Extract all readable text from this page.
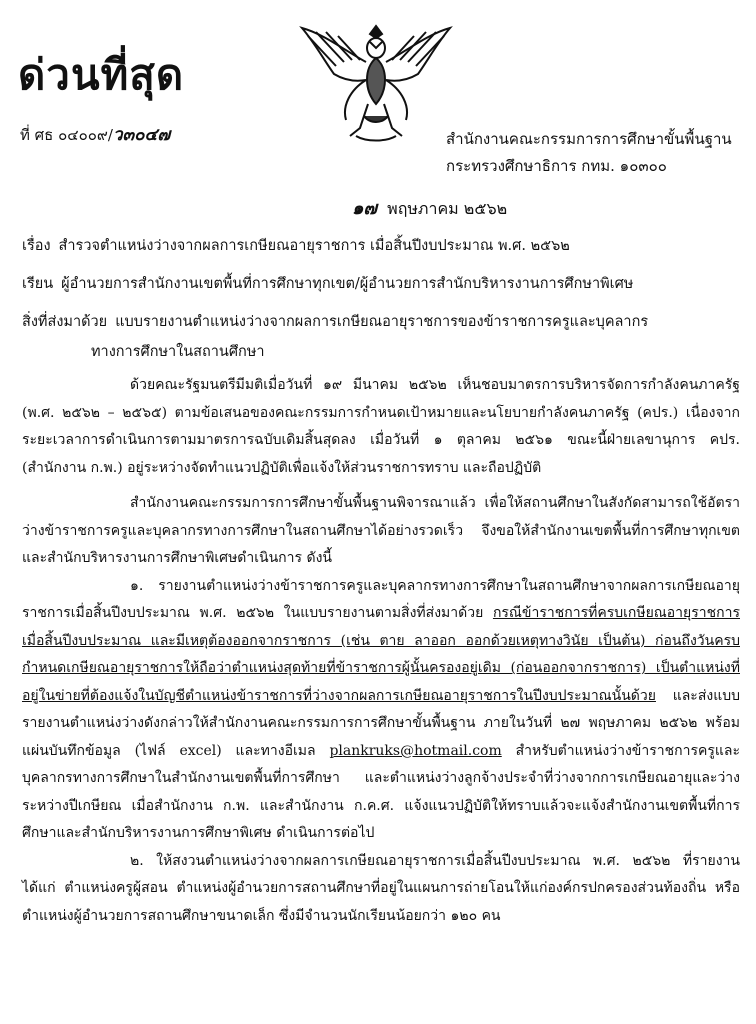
ด่วนที่สุด
ที่ ศธ ๐๔๐๐๙/ว๓๐๔๗	สำนักงานคณะกรรมการการศึกษาขั้นพื้นฐาน
กระทรวงศึกษาธิการ กทม. ๑๐๓๐๐
๑๗ พฤษภาคม ๒๕๖๒
เรื่อง สำรวจตำแหน่งว่างจากผลการเกษียณอายุราชการ เมื่อสิ้นปีงบประมาณ พ.ศ. ๒๕๖๒
เรียน ผู้อำนวยการสำนักงานเขตพื้นที่การศึกษาทุกเขต/ผู้อำนวยการสำนักบริหารงานการศึกษาพิเศษ
สิ่งที่ส่งมาด้วย แบบรายงานตำแหน่งว่างจากผลการเกษียณอายุราชการของข้าราชการครูและบุคลากร
ทางการศึกษาในสถานศึกษา

ด้วยคณะรัฐมนตรีมีมติเมื่อวันที่ ๑๙ มีนาคม ๒๕๖๒ เห็นชอบมาตรการบริหารจัดการกำลังคนภาครัฐ (พ.ศ. ๒๕๖๒ – ๒๕๖๕) ตามข้อเสนอของคณะกรรมการกำหนดเป้าหมายและนโยบายกำลังคนภาครัฐ (คปร.) เนื่องจากระยะเวลาการดำเนินการตามมาตรการฉบับเดิมสิ้นสุดลง เมื่อวันที่ ๑ ตุลาคม ๒๕๖๑ ขณะนี้ฝ่ายเลขานุการ คปร. (สำนักงาน ก.พ.) อยู่ระหว่างจัดทำแนวปฏิบัติเพื่อแจ้งให้ส่วนราชการทราบ และถือปฏิบัติ

สำนักงานคณะกรรมการการศึกษาขั้นพื้นฐานพิจารณาแล้ว เพื่อให้สถานศึกษาในสังกัดสามารถใช้อัตราว่างข้าราชการครูและบุคลากรทางการศึกษาในสถานศึกษาได้อย่างรวดเร็ว จึงขอให้สำนักงานเขตพื้นที่การศึกษาทุกเขตและสำนักบริหารงานการศึกษาพิเศษดำเนินการ ดังนี้

๑. รายงานตำแหน่งว่างข้าราชการครูและบุคลากรทางการศึกษาในสถานศึกษาจากผลการเกษียณอายุราชการเมื่อสิ้นปีงบประมาณ พ.ศ. ๒๕๖๒ ในแบบรายงานตามสิ่งที่ส่งมาด้วย กรณีข้าราชการที่ครบเกษียณอายุราชการเมื่อสิ้นปีงบประมาณ และมีเหตุต้องออกจากราชการ (เช่น ตาย ลาออก ออกด้วยเหตุทางวินัย เป็นต้น) ก่อนถึงวันครบกำหนดเกษียณอายุราชการให้ถือว่าตำแหน่งสุดท้ายที่ข้าราชการผู้นั้นครองอยู่เดิม (ก่อนออกจากราชการ) เป็นตำแหน่งที่อยู่ในข่ายที่ต้องแจ้งในบัญชีตำแหน่งข้าราชการที่ว่างจากผลการเกษียณอายุราชการในปีงบประมาณนั้นด้วย และส่งแบบรายงานตำแหน่งว่างดังกล่าวให้สำนักงานคณะกรรมการการศึกษาขั้นพื้นฐาน ภายในวันที่ ๒๗ พฤษภาคม ๒๕๖๒ พร้อมแผ่นบันทึกข้อมูล (ไฟล์ excel) และทางอีเมล plankruks@hotmail.com สำหรับตำแหน่งว่างข้าราชการครูและบุคลากรทางการศึกษาในสำนักงานเขตพื้นที่การศึกษา และตำแหน่งว่างลูกจ้างประจำที่ว่างจากการเกษียณอายุและว่างระหว่างปีเกษียณ เมื่อสำนักงาน ก.พ. และสำนักงาน ก.ค.ศ. แจ้งแนวปฏิบัติให้ทราบแล้วจะแจ้งสำนักงานเขตพื้นที่การศึกษาและสำนักบริหารงานการศึกษาพิเศษ ดำเนินการต่อไป

๒. ให้สงวนตำแหน่งว่างจากผลการเกษียณอายุราชการเมื่อสิ้นปีงบประมาณ พ.ศ. ๒๕๖๒ ที่รายงาน ได้แก่ ตำแหน่งครูผู้สอน ตำแหน่งผู้อำนวยการสถานศึกษาที่อยู่ในแผนการถ่ายโอนให้แก่องค์กรปกครองส่วนท้องถิ่น หรือตำแหน่งผู้อำนวยการสถานศึกษาขนาดเล็ก ซึ่งมีจำนวนนักเรียนน้อยกว่า ๑๒๐ คน
